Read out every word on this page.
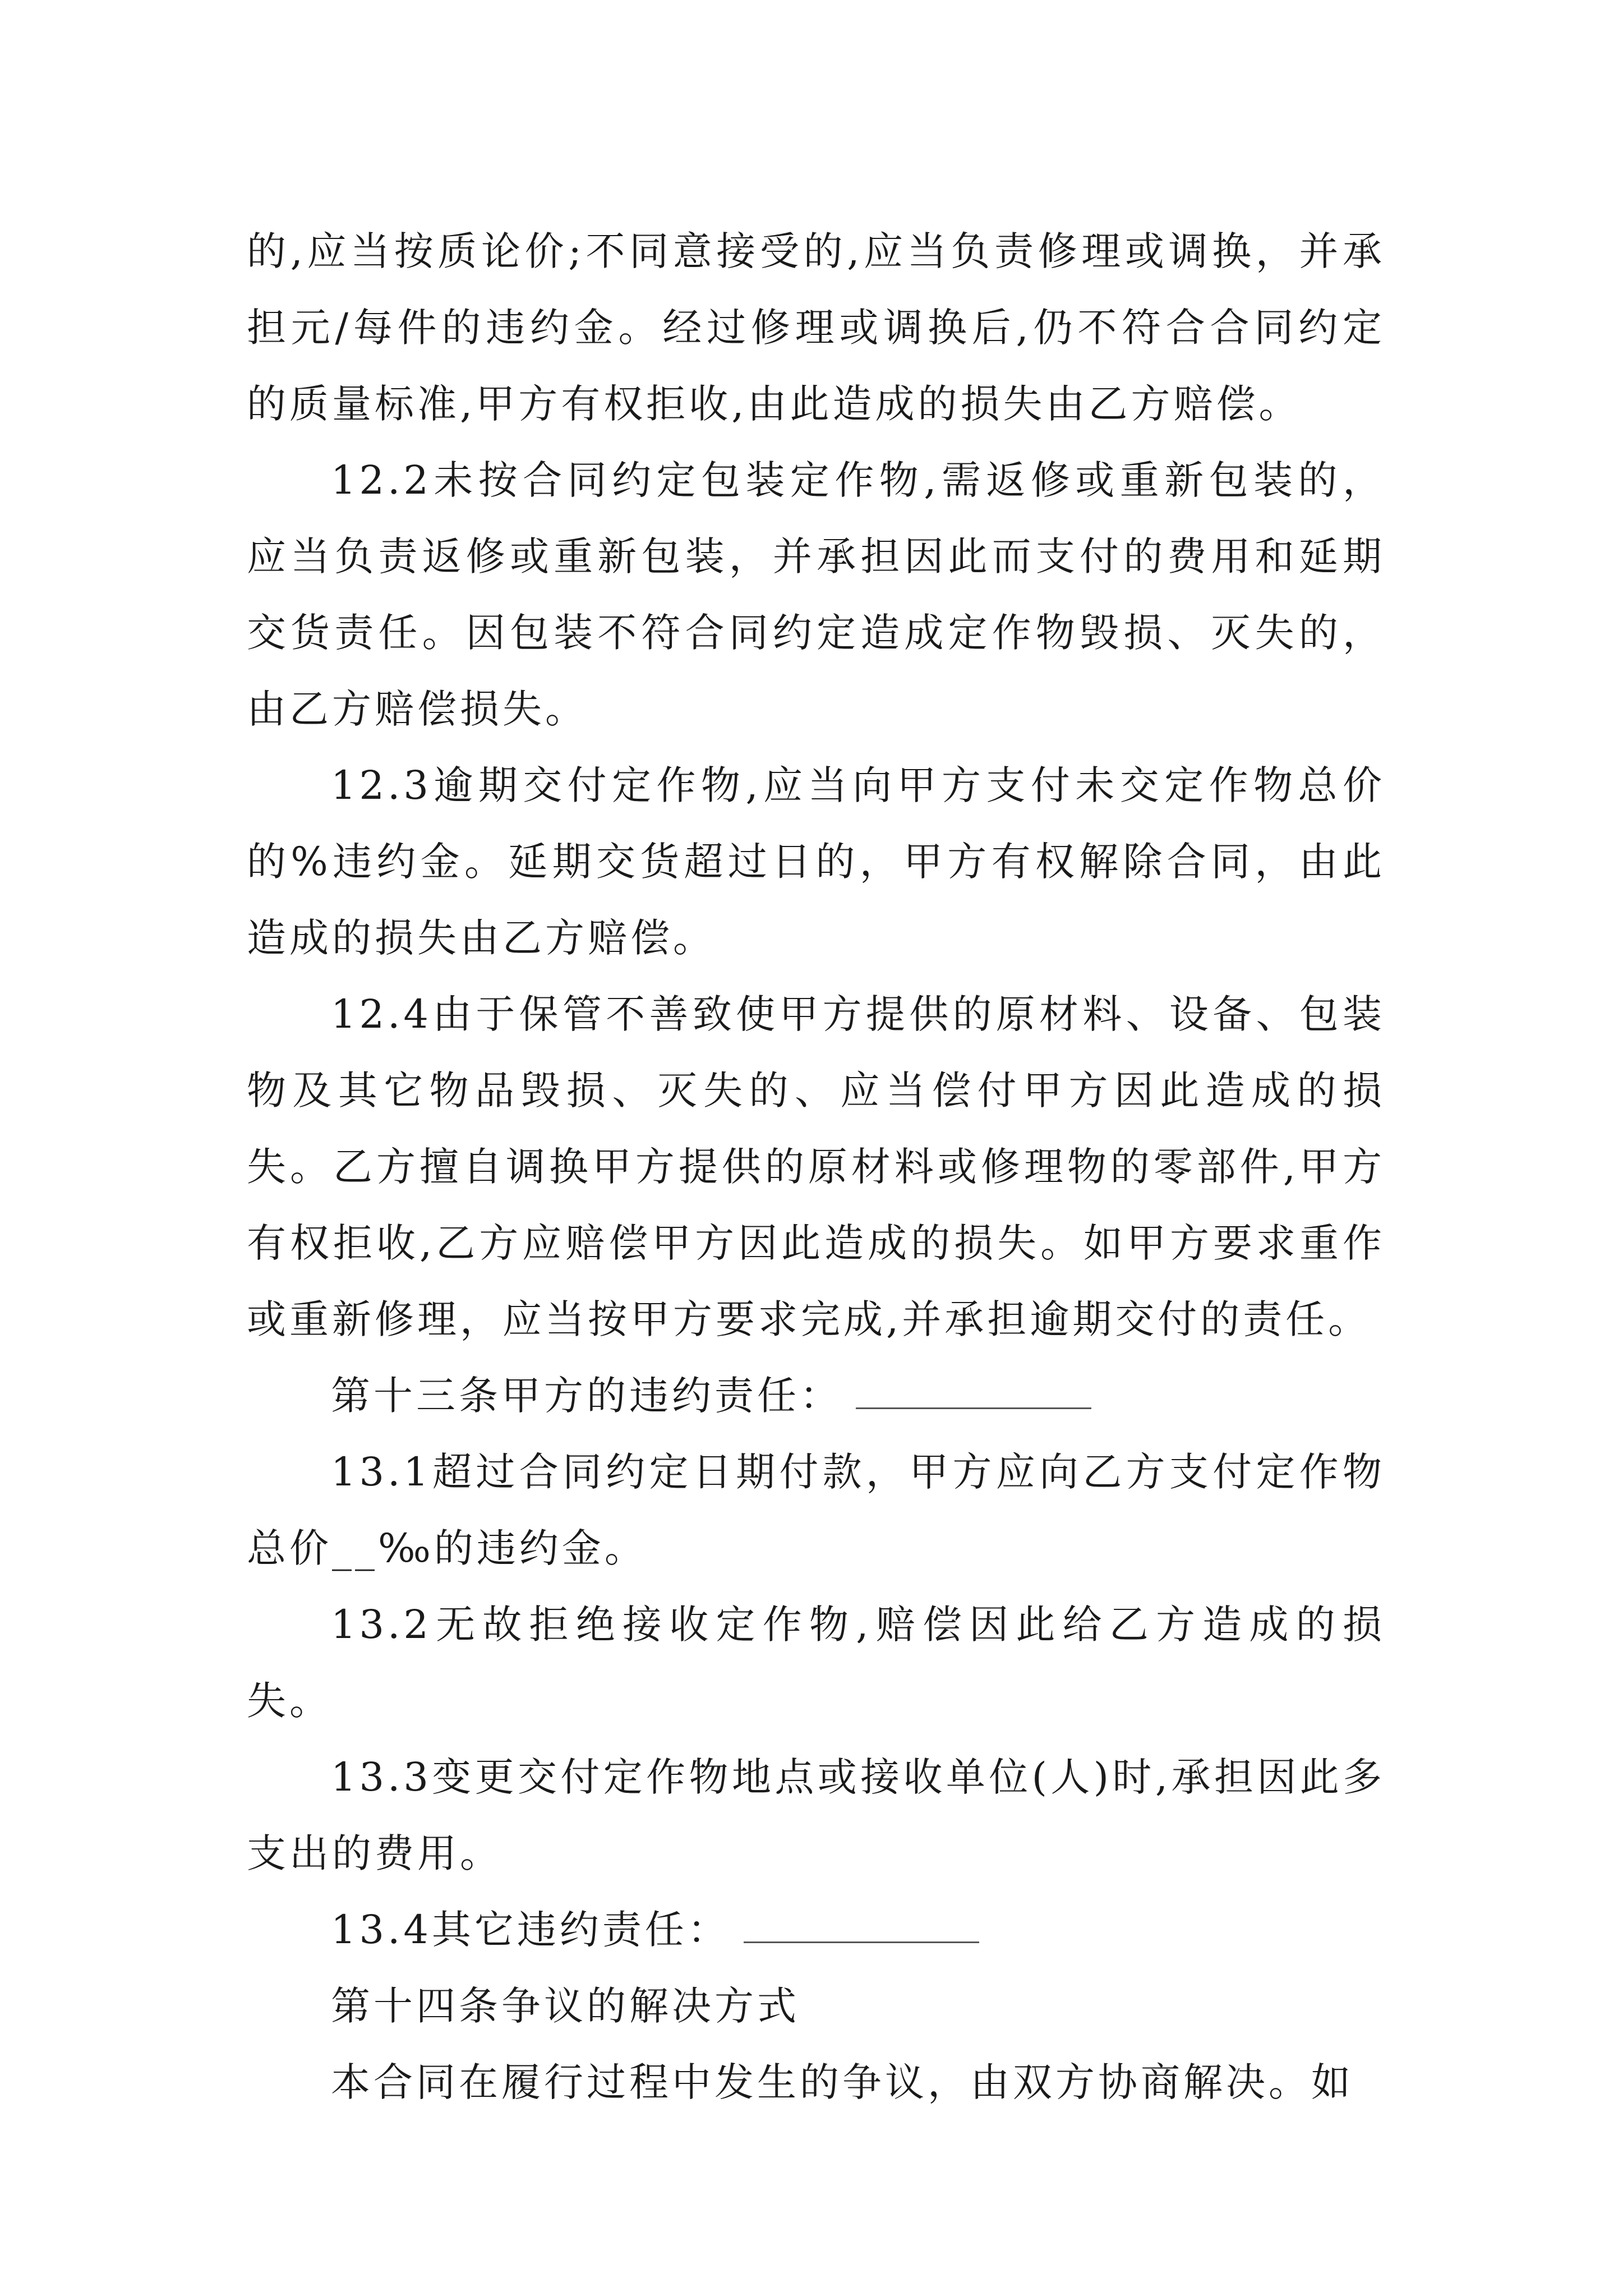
的,应当按质论价;不同意接受的,应当负责修理或调换，并承担元/每件的违约金。经过修理或调换后,仍不符合合同约定的质量标准,甲方有权拒收,由此造成的损失由乙方赔偿。

12.2未按合同约定包装定作物,需返修或重新包装的，应当负责返修或重新包装，并承担因此而支付的费用和延期交货责任。因包装不符合同约定造成定作物毁损、灭失的，由乙方赔偿损失。

12.3逾期交付定作物,应当向甲方支付未交定作物总价的%违约金。延期交货超过日的，甲方有权解除合同，由此造成的损失由乙方赔偿。

12.4由于保管不善致使甲方提供的原材料、设备、包装物及其它物品毁损、灭失的、应当偿付甲方因此造成的损失。乙方擅自调换甲方提供的原材料或修理物的零部件,甲方有权拒收,乙方应赔偿甲方因此造成的损失。如甲方要求重作或重新修理，应当按甲方要求完成,并承担逾期交付的责任。

第十三条甲方的违约责任：

13.1超过合同约定日期付款，甲方应向乙方支付定作物总价__‰的违约金。

13.2无故拒绝接收定作物,赔偿因此给乙方造成的损失。

13.3变更交付定作物地点或接收单位(人)时,承担因此多支出的费用。

13.4其它违约责任：

第十四条争议的解决方式

本合同在履行过程中发生的争议，由双方协商解决。如
